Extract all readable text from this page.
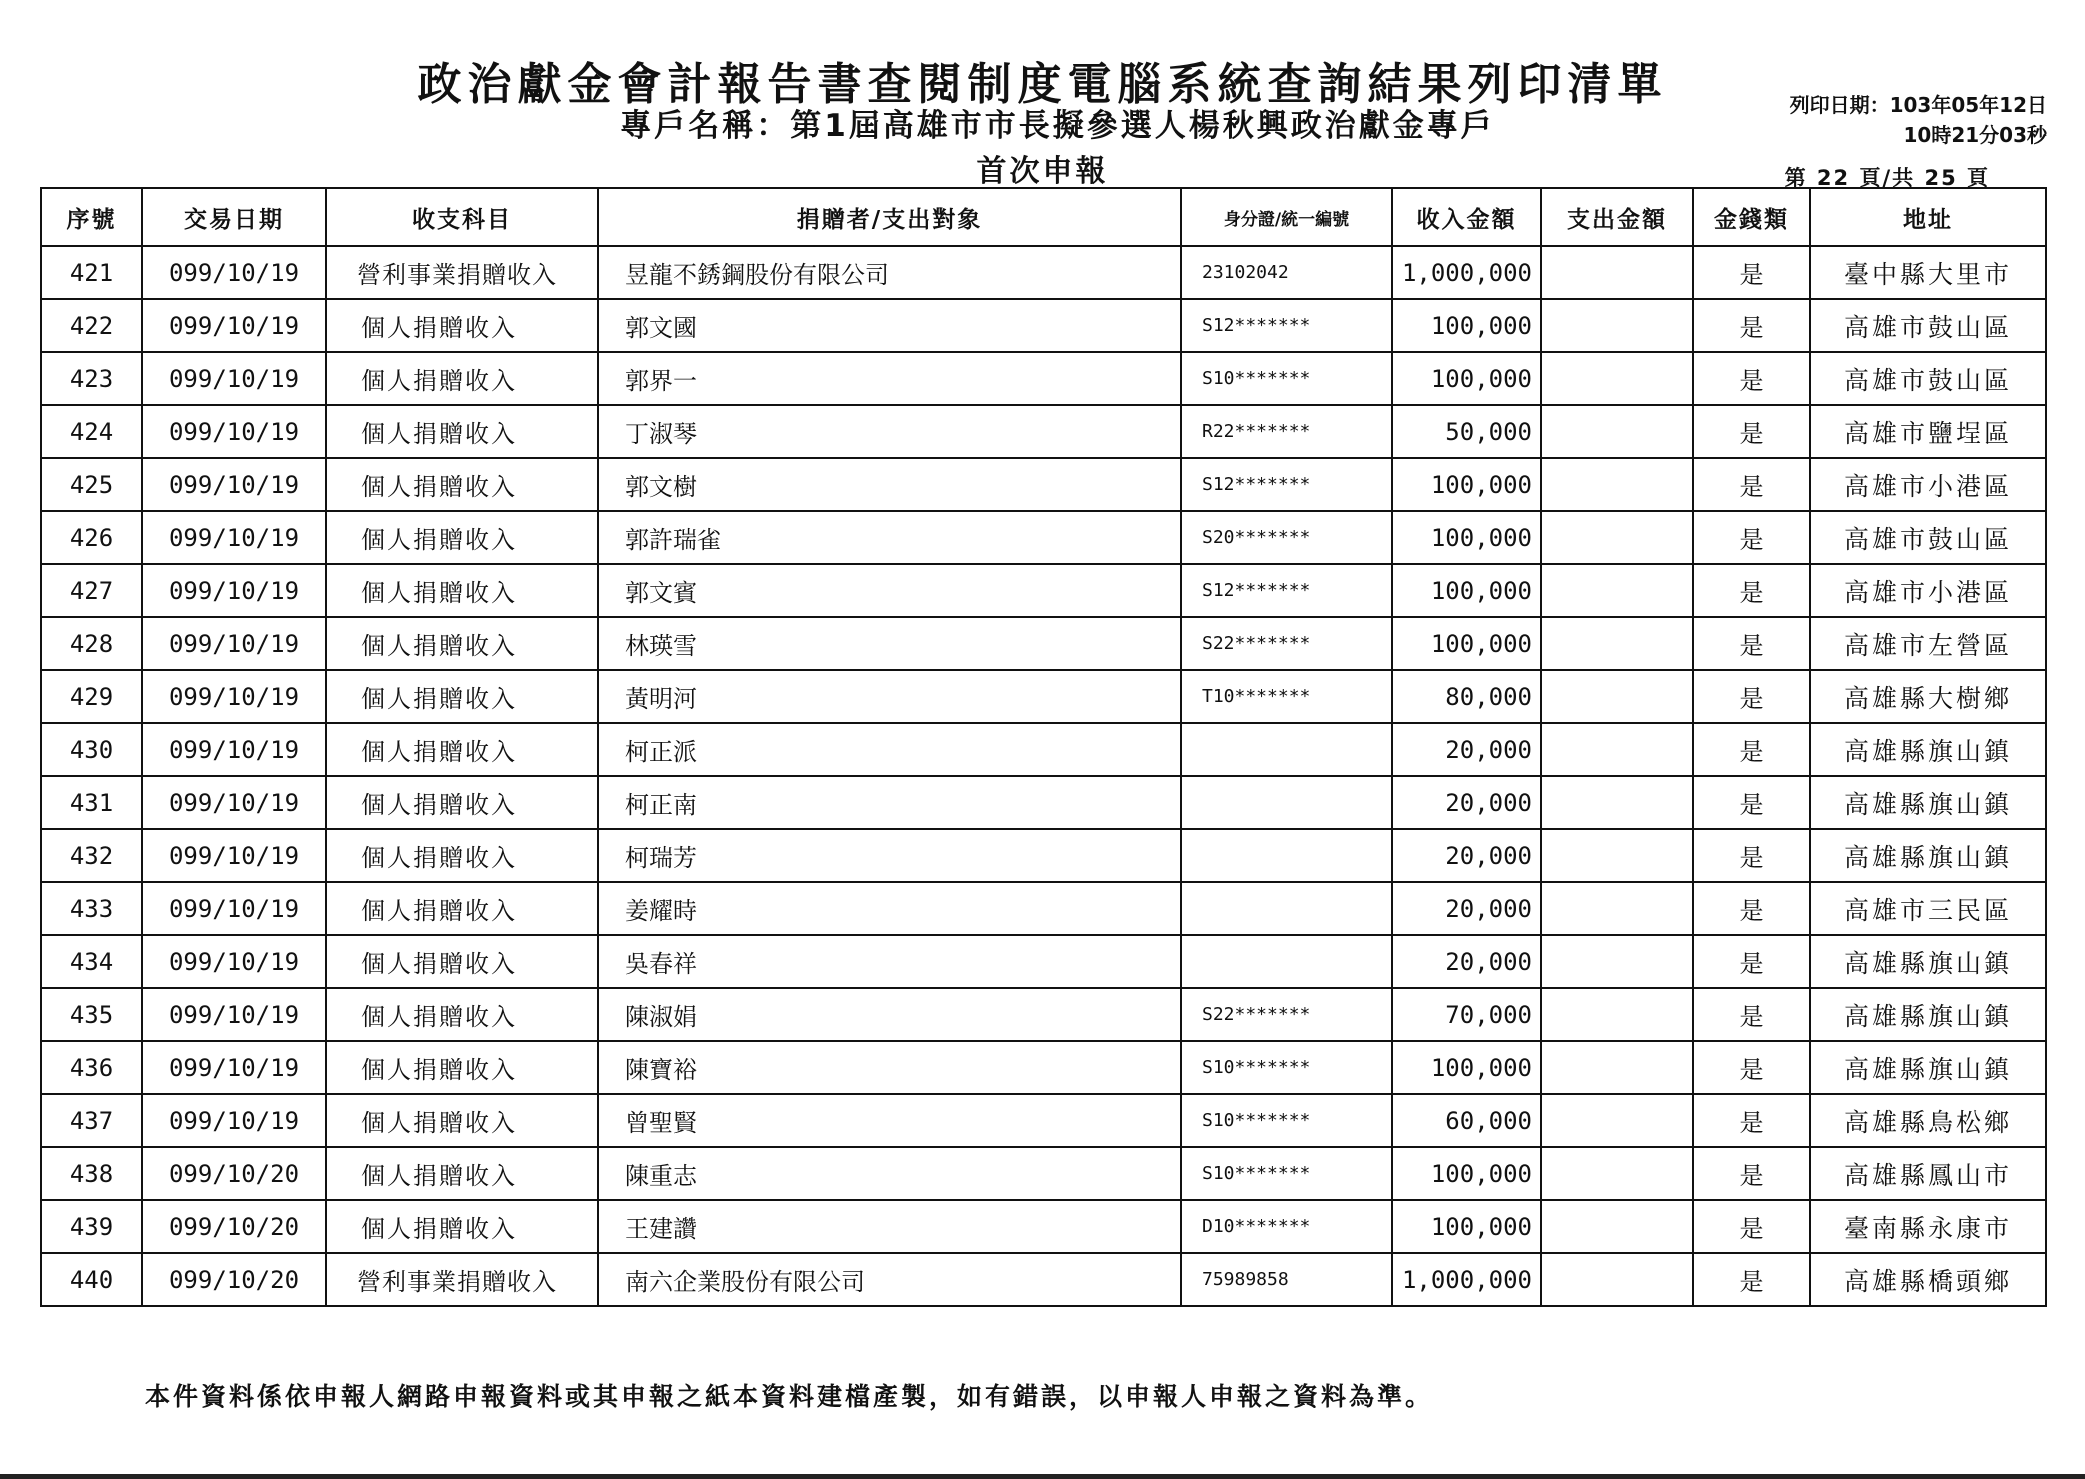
政治獻金會計報告書查閱制度電腦系統查詢結果列印清單
專戶名稱：第1屆高雄市市長擬參選人楊秋興政治獻金專戶
首次申報
列印日期：103年05年12日
10時21分03秒
第 22 頁/共 25 頁
序號	交易日期	收支科目	捐贈者/支出對象	身分證/統一編號	收入金額	支出金額	金錢類	地址
421	099/10/19	營利事業捐贈收入	昱龍不銹鋼股份有限公司	23102042	1,000,000		是	臺中縣大里市
422	099/10/19	個人捐贈收入	郭文國	S12*******	100,000		是	高雄市鼓山區
423	099/10/19	個人捐贈收入	郭界一	S10*******	100,000		是	高雄市鼓山區
424	099/10/19	個人捐贈收入	丁淑琴	R22*******	50,000		是	高雄市鹽埕區
425	099/10/19	個人捐贈收入	郭文樹	S12*******	100,000		是	高雄市小港區
426	099/10/19	個人捐贈收入	郭許瑞雀	S20*******	100,000		是	高雄市鼓山區
427	099/10/19	個人捐贈收入	郭文賓	S12*******	100,000		是	高雄市小港區
428	099/10/19	個人捐贈收入	林瑛雪	S22*******	100,000		是	高雄市左營區
429	099/10/19	個人捐贈收入	黃明河	T10*******	80,000		是	高雄縣大樹鄉
430	099/10/19	個人捐贈收入	柯正派		20,000		是	高雄縣旗山鎮
431	099/10/19	個人捐贈收入	柯正南		20,000		是	高雄縣旗山鎮
432	099/10/19	個人捐贈收入	柯瑞芳		20,000		是	高雄縣旗山鎮
433	099/10/19	個人捐贈收入	姜耀時		20,000		是	高雄市三民區
434	099/10/19	個人捐贈收入	吳春祥		20,000		是	高雄縣旗山鎮
435	099/10/19	個人捐贈收入	陳淑娟	S22*******	70,000		是	高雄縣旗山鎮
436	099/10/19	個人捐贈收入	陳寶裕	S10*******	100,000		是	高雄縣旗山鎮
437	099/10/19	個人捐贈收入	曾聖賢	S10*******	60,000		是	高雄縣鳥松鄉
438	099/10/20	個人捐贈收入	陳重志	S10*******	100,000		是	高雄縣鳳山市
439	099/10/20	個人捐贈收入	王建讚	D10*******	100,000		是	臺南縣永康市
440	099/10/20	營利事業捐贈收入	南六企業股份有限公司	75989858	1,000,000		是	高雄縣橋頭鄉
本件資料係依申報人網路申報資料或其申報之紙本資料建檔產製，如有錯誤，以申報人申報之資料為準。
